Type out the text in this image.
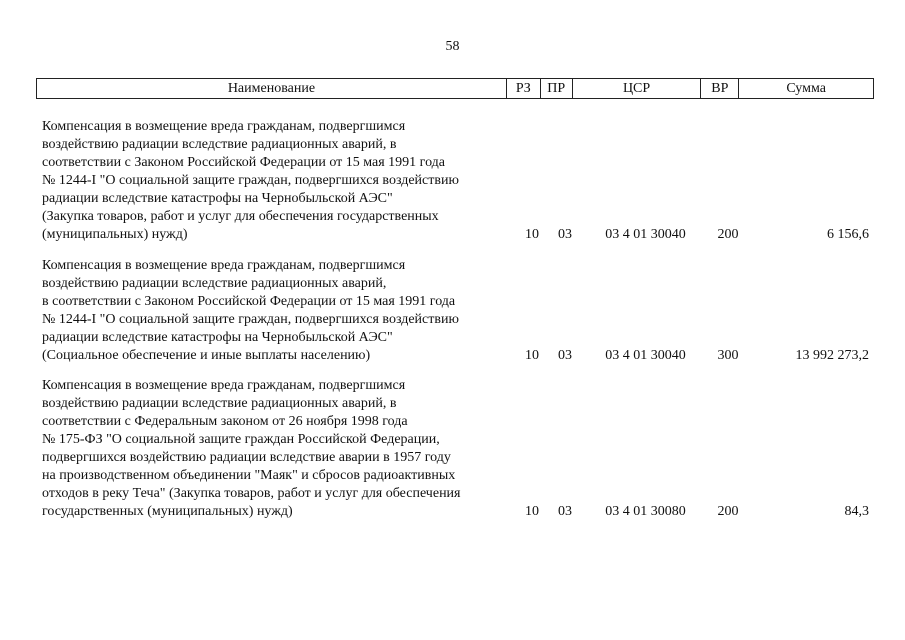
58
Наименование	РЗ	ПР	ЦСР	ВР	Сумма
Компенсация в возмещение вреда гражданам, подвергшимся
воздействию радиации вследствие радиационных аварий, в
соответствии с Законом Российской Федерации от 15 мая 1991 года
№ 1244-I "О социальной защите граждан, подвергшихся воздействию
радиации вследствие катастрофы на Чернобыльской АЭС"
(Закупка товаров, работ и услуг для обеспечения государственных
(муниципальных) нужд)	10	03	03 4 01 30040	200	6 156,6
Компенсация в возмещение вреда гражданам, подвергшимся
воздействию радиации вследствие радиационных аварий,
в соответствии с Законом Российской Федерации от 15 мая 1991 года
№ 1244-I "О социальной защите граждан, подвергшихся воздействию
радиации вследствие катастрофы на Чернобыльской АЭС"
(Социальное обеспечение и иные выплаты населению)	10	03	03 4 01 30040	300	13 992 273,2
Компенсация в возмещение вреда гражданам, подвергшимся
воздействию радиации вследствие радиационных аварий, в
соответствии с Федеральным законом от 26 ноября 1998 года
№ 175-ФЗ "О социальной защите граждан Российской Федерации,
подвергшихся воздействию радиации вследствие аварии в 1957 году
на производственном объединении "Маяк" и сбросов радиоактивных
отходов в реку Теча" (Закупка товаров, работ и услуг для обеспечения
государственных (муниципальных) нужд)	10	03	03 4 01 30080	200	84,3
